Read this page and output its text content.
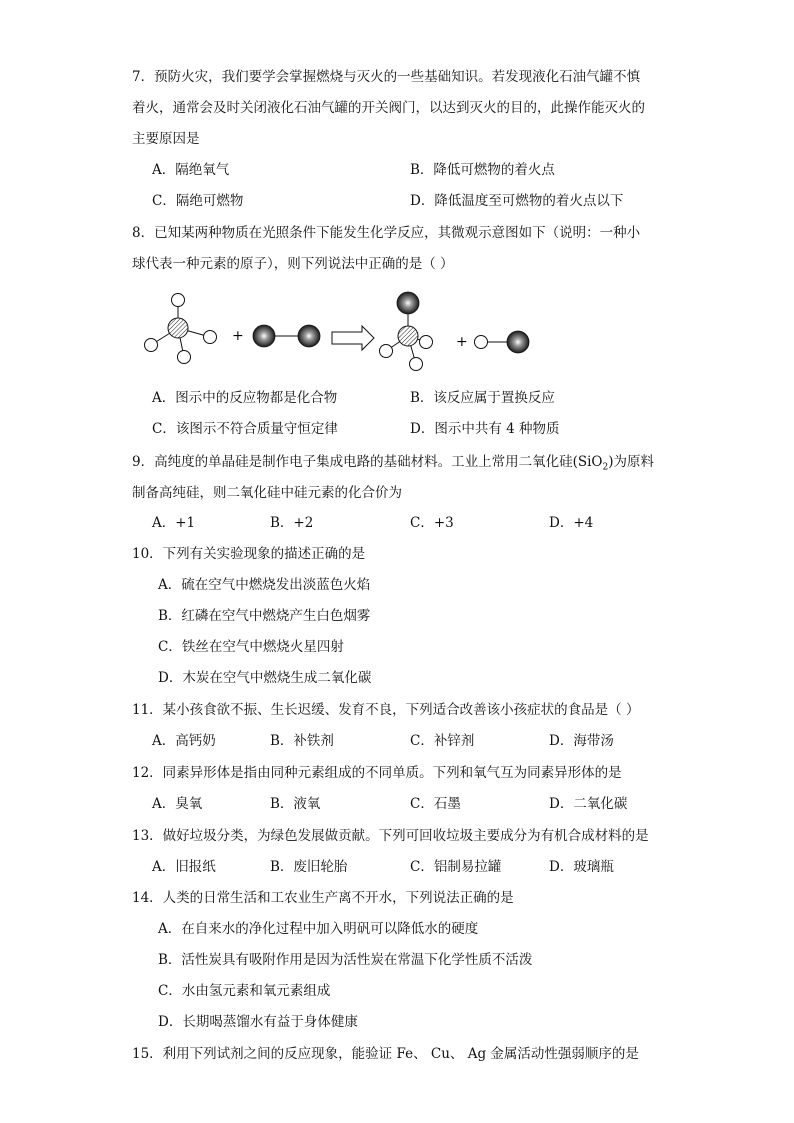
7．预防火灾，我们要学会掌握燃烧与灭火的一些基础知识。若发现液化石油气罐不慎
着火，通常会及时关闭液化石油气罐的开关阀门，以达到灭火的目的，此操作能灭火的
主要原因是
A．隔绝氧气	B．降低可燃物的着火点
C．隔绝可燃物	D．降低温度至可燃物的着火点以下
8．已知某两种物质在光照条件下能发生化学反应，其微观示意图如下（说明：一种小
球代表一种元素的原子），则下列说法中正确的是（ ）
+	+
A．图示中的反应物都是化合物	B．该反应属于置换反应
C．该图示不符合质量守恒定律	D．图示中共有 4 种物质
9．高纯度的单晶硅是制作电子集成电路的基础材料。工业上常用二氧化硅(SiO$_2$)为原料
制备高纯硅，则二氧化硅中硅元素的化合价为
A．+1	B．+2	C．+3	D．+4
10．下列有关实验现象的描述正确的是
A．硫在空气中燃烧发出淡蓝色火焰
B．红磷在空气中燃烧产生白色烟雾
C．铁丝在空气中燃烧火星四射
D．木炭在空气中燃烧生成二氧化碳
11．某小孩食欲不振、生长迟缓、发育不良，下列适合改善该小孩症状的食品是（ ）
A．高钙奶	B．补铁剂	C．补锌剂	D．海带汤
12．同素异形体是指由同种元素组成的不同单质。下列和氧气互为同素异形体的是
A．臭氧	B．液氧	C．石墨	D．二氧化碳
13．做好垃圾分类，为绿色发展做贡献。下列可回收垃圾主要成分为有机合成材料的是
A．旧报纸	B．废旧轮胎	C．铝制易拉罐	D．玻璃瓶
14．人类的日常生活和工农业生产离不开水，下列说法正确的是
A．在自来水的净化过程中加入明矾可以降低水的硬度
B．活性炭具有吸附作用是因为活性炭在常温下化学性质不活泼
C．水由氢元素和氧元素组成
D．长期喝蒸馏水有益于身体健康
15．利用下列试剂之间的反应现象，能验证 Fe、 Cu、 Ag 金属活动性强弱顺序的是
